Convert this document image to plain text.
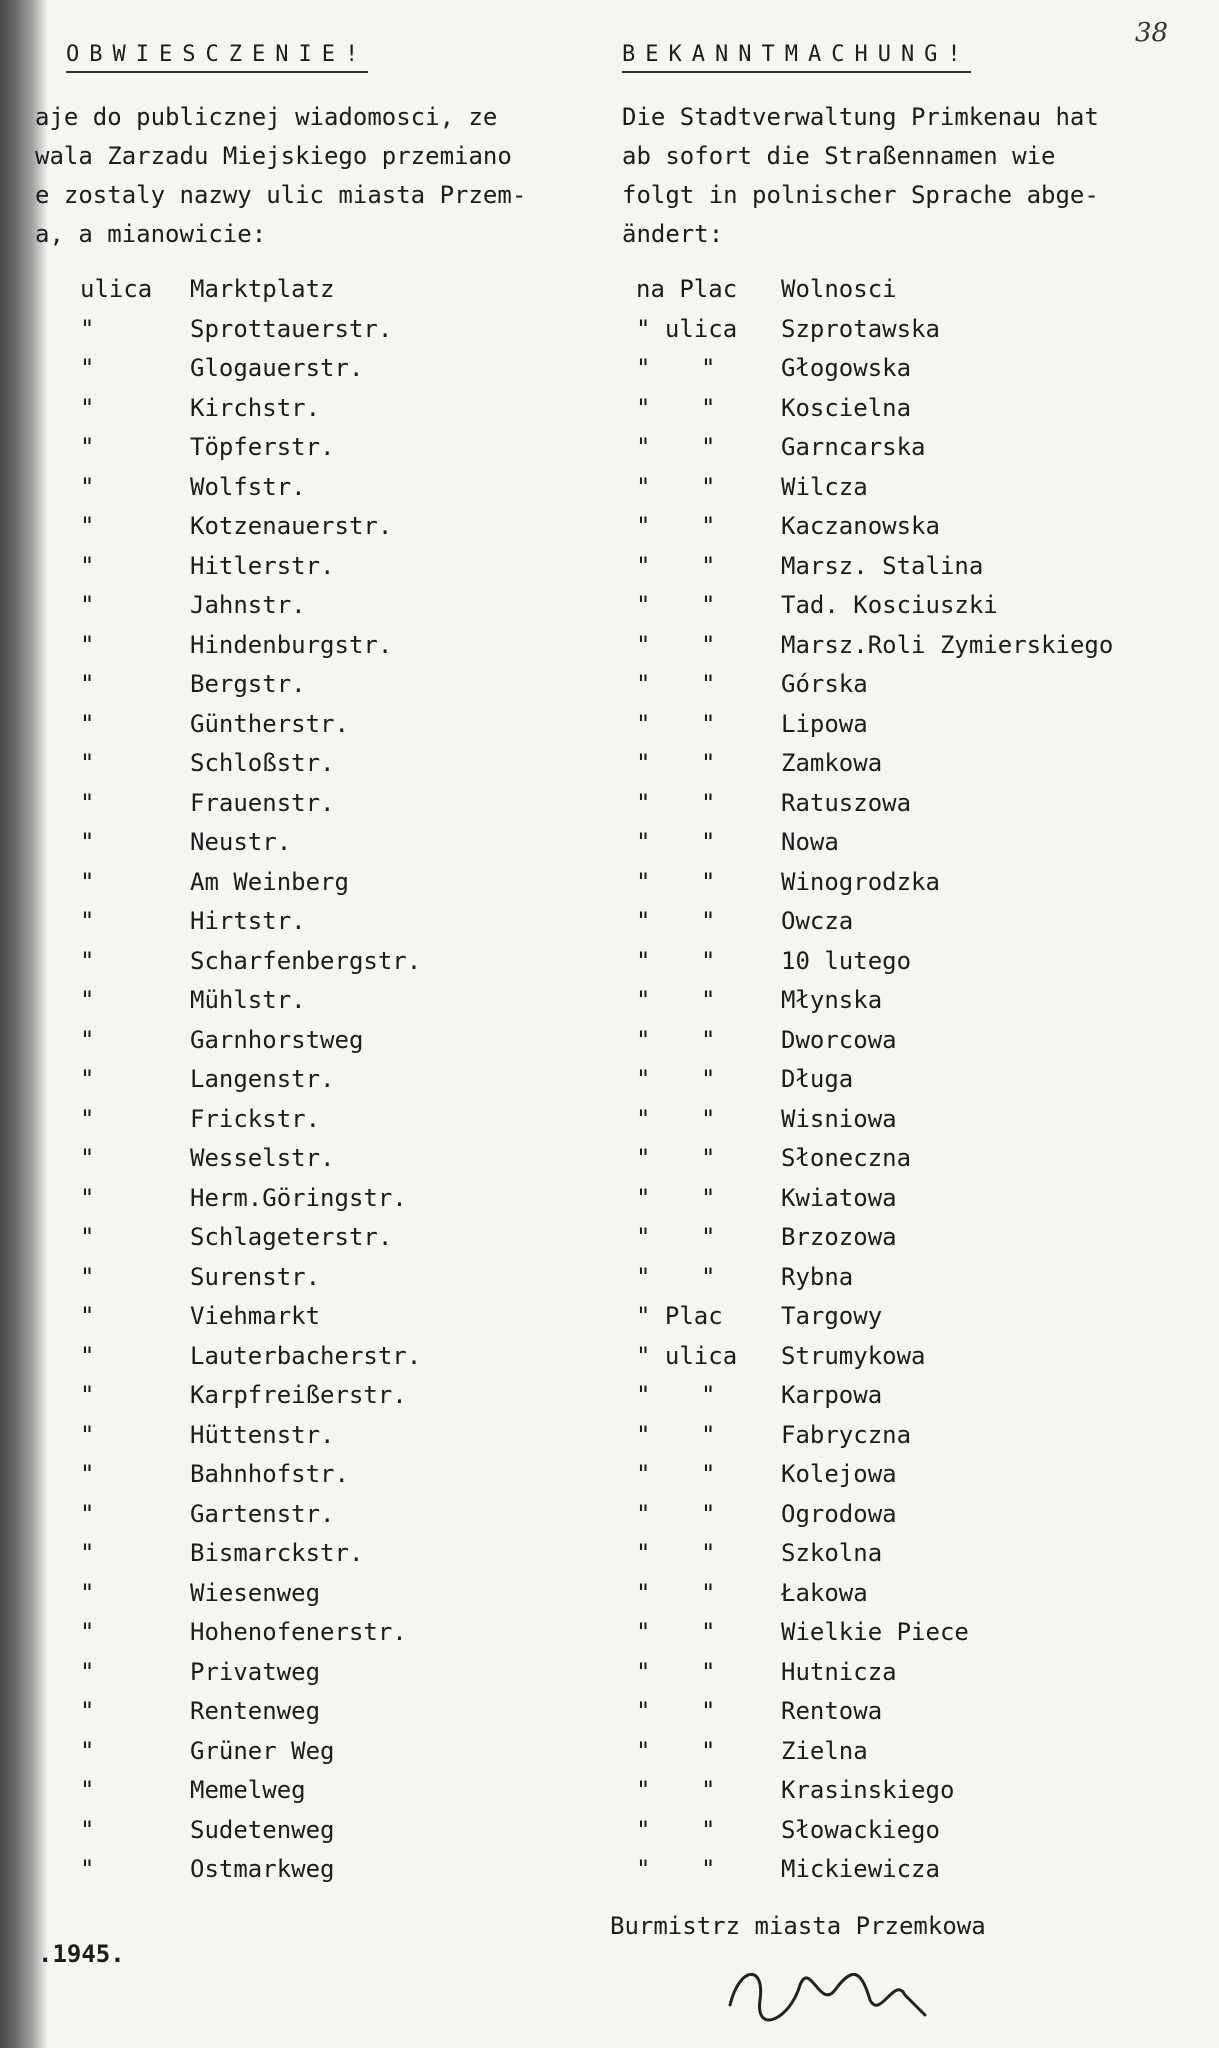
38
OBWIESCZENIE!	BEKANNTMACHUNG!
aje do publicznej wiadomosci, ze
wala Zarzadu Miejskiego przemiano
e zostaly nazwy ulic miasta Przem-
a, a mianowicie:
Die Stadtverwaltung Primkenau hat
ab sofort die Straßennamen wie
folgt in polnischer Sprache abge-
ändert:
ulica Marktplatz
"	Sprottauerstr.
"	Glogauerstr.
"	Kirchstr.
"	Töpferstr.
"	Wolfstr.
"	Kotzenauerstr.
"	Hitlerstr.
"	Jahnstr.
"	Hindenburgstr.
"	Bergstr.
"	Güntherstr.
"	Schloßstr.
"	Frauenstr.
"	Neustr.
"	Am Weinberg
"	Hirtstr.
"	Scharfenbergstr.
"	Mühlstr.
"	Garnhorstweg
"	Langenstr.
"	Frickstr.
"	Wesselstr.
"	Herm.Göringstr.
"	Schlageterstr.
"	Surenstr.
"	Viehmarkt
"	Lauterbacherstr.
"	Karpfreißerstr.
"	Hüttenstr.
"	Bahnhofstr.
"	Gartenstr.
"	Bismarckstr.
"	Wiesenweg
"	Hohenofenerstr.
"	Privatweg
"	Rentenweg
"	Grüner Weg
"	Memelweg
"	Sudetenweg
"	Ostmarkweg
na Plac Wolnosci
" ulica Szprotawska
" "	Głogowska
" "	Koscielna
" "	Garncarska
" "	Wilcza
" "	Kaczanowska
" "	Marsz. Stalina
" "	Tad. Kosciuszki
" "	Marsz.Roli Zymierskiego
" "	Górska
" "	Lipowa
" "	Zamkowa
" "	Ratuszowa
" "	Nowa
" "	Winogrodzka
" "	Owcza
" "	10 lutego
" "	Młynska
" "	Dworcowa
" "	Długa
" "	Wisniowa
" "	Słoneczna
" "	Kwiatowa
" "	Brzozowa
" "	Rybna
" Plac Targowy
" ulica Strumykowa
" "	Karpowa
" "	Fabryczna
" "	Kolejowa
" "	Ogrodowa
" "	Szkolna
" "	Łakowa
" "	Wielkie Piece
" "	Hutnicza
" "	Rentowa
" "	Zielna
" "	Krasinskiego
" "	Słowackiego
" "	Mickiewicza
.1945.
Burmistrz miasta Przemkowa
